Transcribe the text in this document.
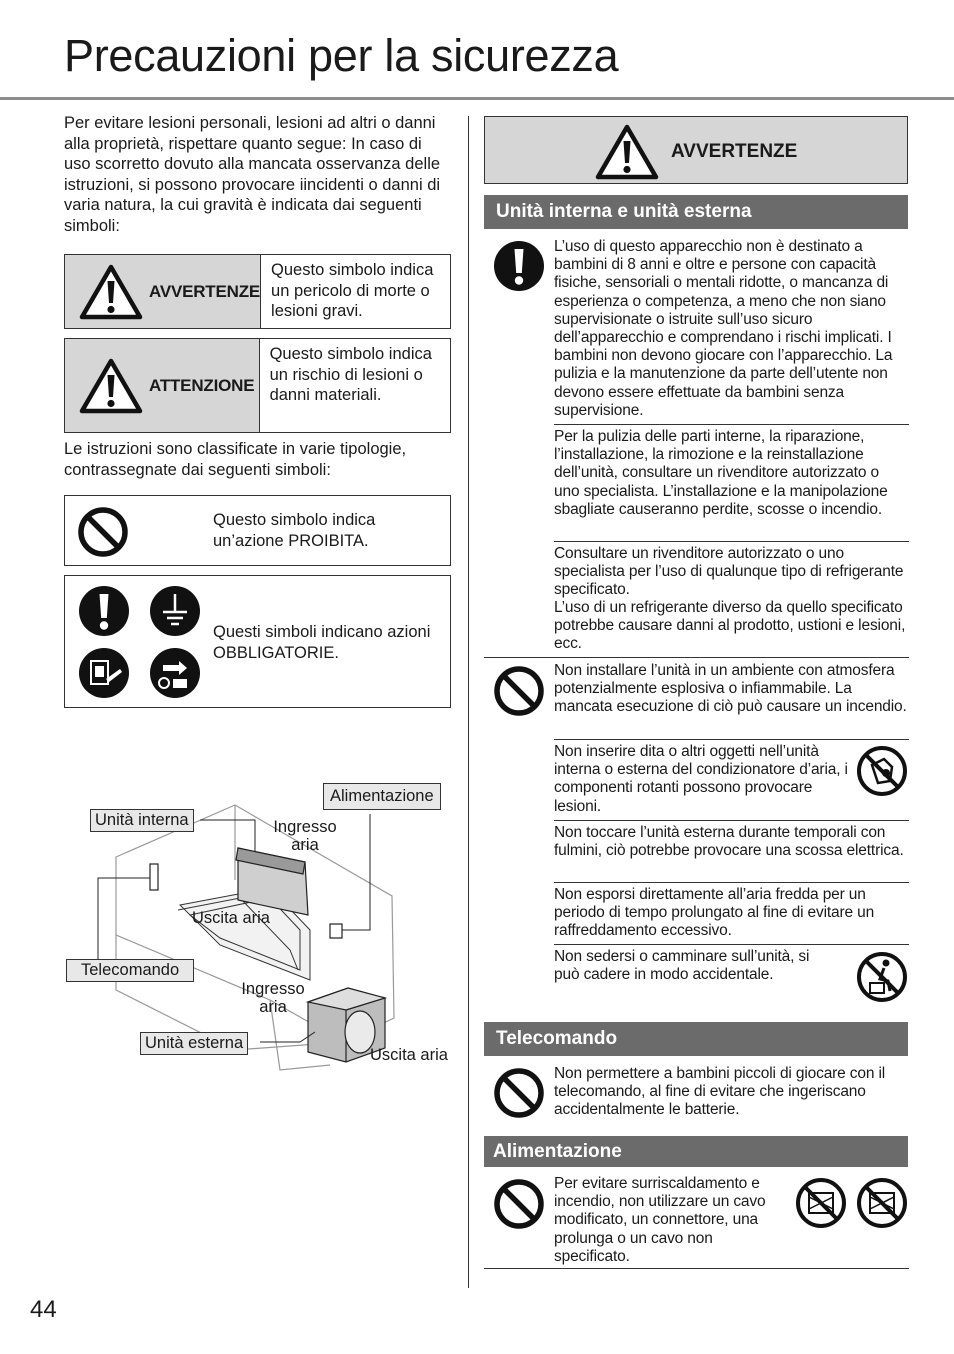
Precauzioni per la sicurezza
Per evitare lesioni personali, lesioni ad altri o danni alla proprietà, rispettare quanto segue: In caso di uso scorretto dovuto alla mancata osservanza delle istruzioni, si possono provocare iincidenti o danni di varia natura, la cui gravità è indicata dai seguenti simboli:
AVVERTENZE
Questo simbolo indica un pericolo di morte o lesioni gravi.
ATTENZIONE
Questo simbolo indica un rischio di lesioni o danni materiali.
Le istruzioni sono classificate in varie tipologie, contrassegnate dai seguenti simboli:
Questo simbolo indica un’azione PROIBITA.
Questi simboli indicano azioni OBBLIGATORIE.
Unità interna
Alimentazione
Ingresso aria
Uscita aria
Telecomando
Ingresso aria
Unità esterna
Uscita aria
AVVERTENZE
Unità interna e unità esterna
L’uso di questo apparecchio non è destinato a bambini di 8 anni e oltre e persone con capacità fisiche, sensoriali o mentali ridotte, o mancanza di esperienza o competenza, a meno che non siano supervisionate o istruite sull’uso sicuro dell’apparecchio e comprendano i rischi implicati. I bambini non devono giocare con l’apparecchio. La pulizia e la manutenzione da parte dell’utente non devono essere effettuate da bambini senza supervisione.
Per la pulizia delle parti interne, la riparazione, l’installazione, la rimozione e la reinstallazione dell’unità, consultare un rivenditore autorizzato o uno specialista. L’installazione e la manipolazione sbagliate causeranno perdite, scosse o incendio.
Consultare un rivenditore autorizzato o uno specialista per l’uso di qualunque tipo di refrigerante specificato.
L’uso di un refrigerante diverso da quello specificato potrebbe causare danni al prodotto, ustioni e lesioni, ecc.
Non installare l’unità in un ambiente con atmosfera potenzialmente esplosiva o infiammabile. La mancata esecuzione di ciò può causare un incendio.
Non inserire dita o altri oggetti nell’unità interna o esterna del condizionatore d’aria, i componenti rotanti possono provocare lesioni.
Non toccare l’unità esterna durante temporali con fulmini, ciò potrebbe provocare una scossa elettrica.
Non esporsi direttamente all’aria fredda per un periodo di tempo prolungato al fine di evitare un raffreddamento eccessivo.
Non sedersi o camminare sull’unità, si può cadere in modo accidentale.
Telecomando
Non permettere a bambini piccoli di giocare con il telecomando, al fine di evitare che ingeriscano accidentalmente le batterie.
Alimentazione
Per evitare surriscaldamento e incendio, non utilizzare un cavo modificato, un connettore, una prolunga o un cavo non specificato.
44
